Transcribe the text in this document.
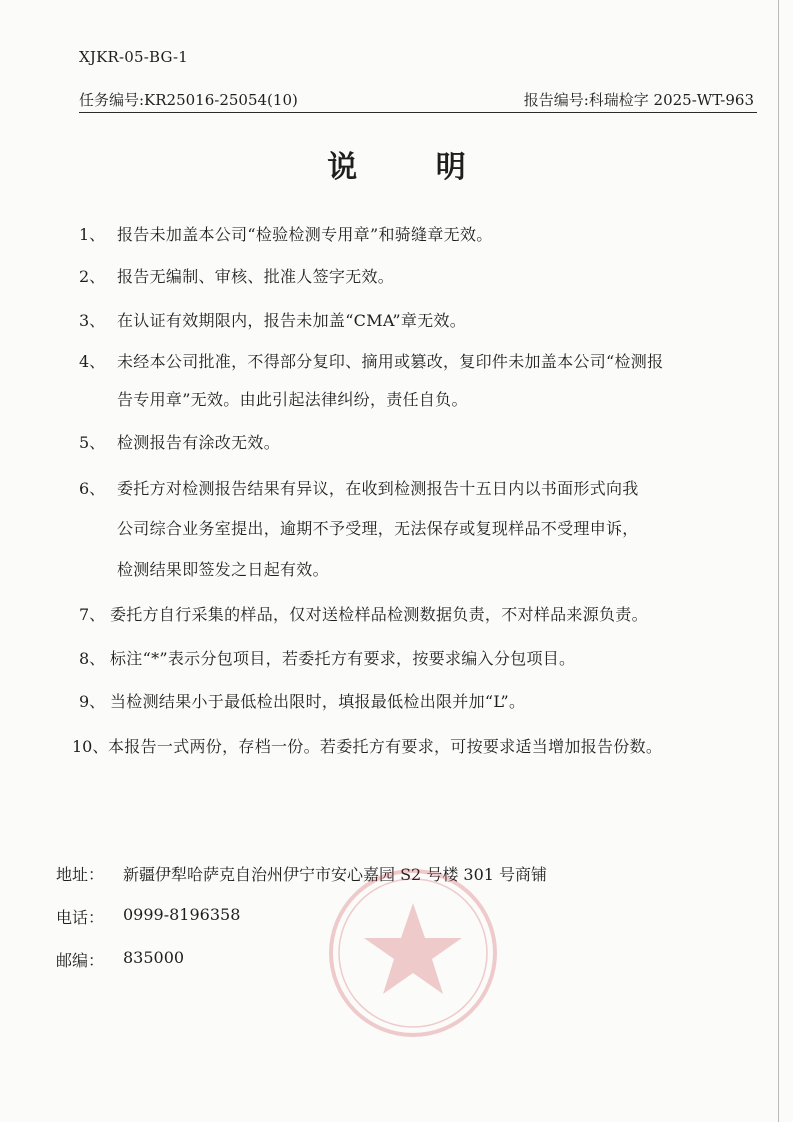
XJKR-05-BG-1
任务编号:KR25016-25054(10)	报告编号:科瑞检字 2025-WT-963
说 明
1、 报告未加盖本公司“检验检测专用章”和骑缝章无效。
2、 报告无编制、审核、批准人签字无效。
3、 在认证有效期限内，报告未加盖“CMA”章无效。
4、 未经本公司批准，不得部分复印、摘用或篡改，复印件未加盖本公司“检测报
告专用章”无效。由此引起法律纠纷，责任自负。
5、 检测报告有涂改无效。
6、 委托方对检测报告结果有异议，在收到检测报告十五日内以书面形式向我
公司综合业务室提出，逾期不予受理，无法保存或复现样品不受理申诉，
检测结果即签发之日起有效。
7、 委托方自行采集的样品，仅对送检样品检测数据负责，不对样品来源负责。
8、 标注“*”表示分包项目，若委托方有要求，按要求编入分包项目。
9、 当检测结果小于最低检出限时，填报最低检出限并加“L”。
10、 本报告一式两份，存档一份。若委托方有要求，可按要求适当增加报告份数。
地址： 新疆伊犁哈萨克自治州伊宁市安心嘉园 S2 号楼 301 号商铺
电话： 0999-8196358
邮编： 835000
